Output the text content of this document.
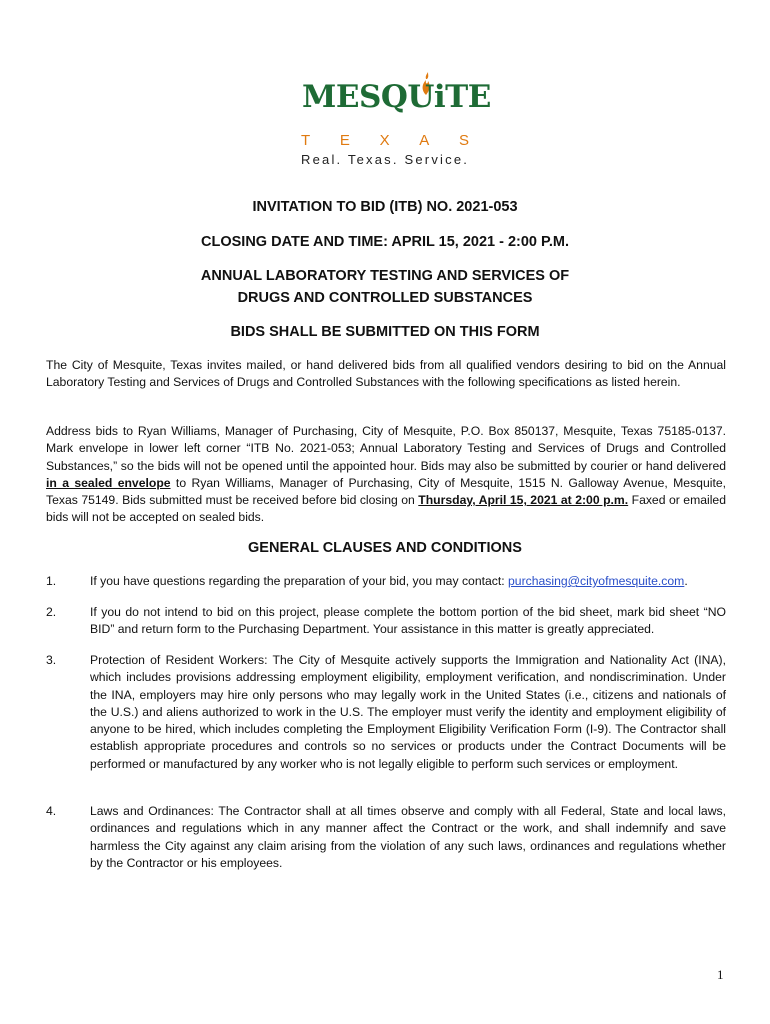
MESQUiTE
T E X A S
Real. Texas. Service.
INVITATION TO BID (ITB) NO. 2021-053
CLOSING DATE AND TIME: APRIL 15, 2021 - 2:00 P.M.
ANNUAL LABORATORY TESTING AND SERVICES OF
DRUGS AND CONTROLLED SUBSTANCES
BIDS SHALL BE SUBMITTED ON THIS FORM
The City of Mesquite, Texas invites mailed, or hand delivered bids from all qualified vendors desiring to bid on the Annual Laboratory Testing and Services of Drugs and Controlled Substances with the following specifications as listed herein.
Address bids to Ryan Williams, Manager of Purchasing, City of Mesquite, P.O. Box 850137, Mesquite, Texas 75185-0137. Mark envelope in lower left corner “ITB No. 2021-053; Annual Laboratory Testing and Services of Drugs and Controlled Substances,” so the bids will not be opened until the appointed hour. Bids may also be submitted by courier or hand delivered in a sealed envelope to Ryan Williams, Manager of Purchasing, City of Mesquite, 1515 N. Galloway Avenue, Mesquite, Texas 75149. Bids submitted must be received before bid closing on Thursday, April 15, 2021 at 2:00 p.m. Faxed or emailed bids will not be accepted on sealed bids.
GENERAL CLAUSES AND CONDITIONS
1.	If you have questions regarding the preparation of your bid, you may contact: purchasing@cityofmesquite.com.
2.	If you do not intend to bid on this project, please complete the bottom portion of the bid sheet, mark bid sheet “NO BID” and return form to the Purchasing Department. Your assistance in this matter is greatly appreciated.
3.	Protection of Resident Workers: The City of Mesquite actively supports the Immigration and Nationality Act (INA), which includes provisions addressing employment eligibility, employment verification, and nondiscrimination. Under the INA, employers may hire only persons who may legally work in the United States (i.e., citizens and nationals of the U.S.) and aliens authorized to work in the U.S. The employer must verify the identity and employment eligibility of anyone to be hired, which includes completing the Employment Eligibility Verification Form (I-9). The Contractor shall establish appropriate procedures and controls so no services or products under the Contract Documents will be performed or manufactured by any worker who is not legally eligible to perform such services or employment.
4.	Laws and Ordinances: The Contractor shall at all times observe and comply with all Federal, State and local laws, ordinances and regulations which in any manner affect the Contract or the work, and shall indemnify and save harmless the City against any claim arising from the violation of any such laws, ordinances and regulations whether by the Contractor or his employees.
1
